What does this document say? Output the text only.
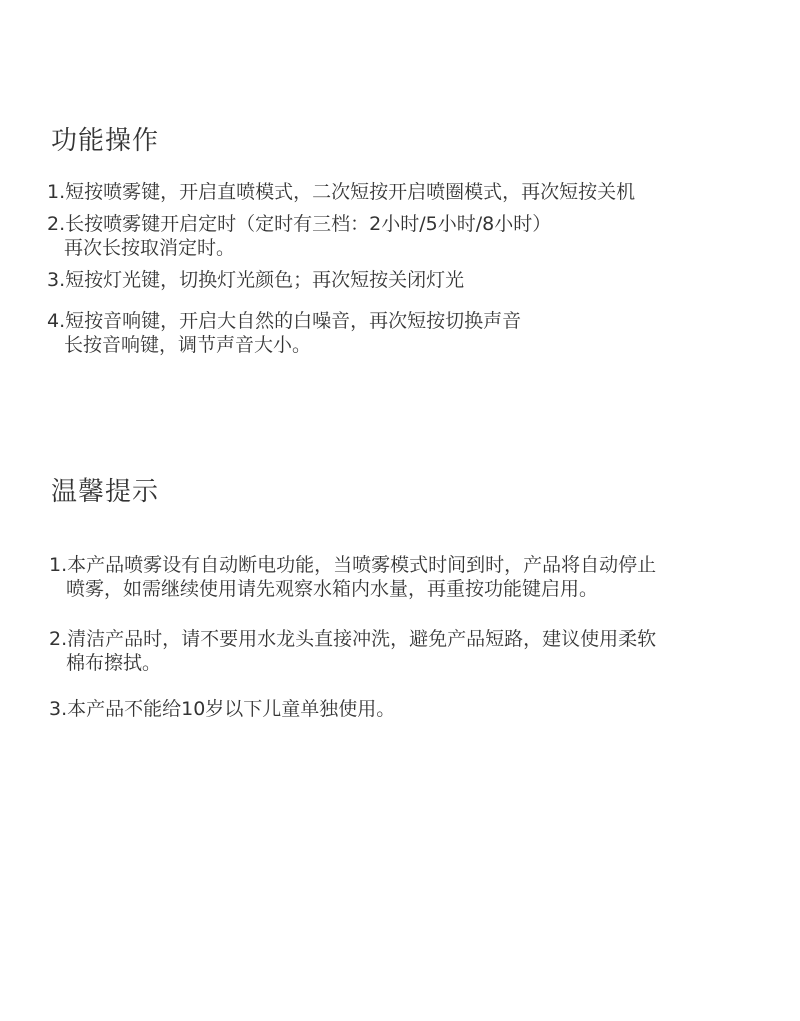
功能操作
1.短按喷雾键，开启直喷模式，二次短按开启喷圈模式，再次短按关机
2.长按喷雾键开启定时（定时有三档：2小时/5小时/8小时）
再次长按取消定时。
3.短按灯光键，切换灯光颜色；再次短按关闭灯光
4.短按音响键，开启大自然的白噪音，再次短按切换声音
长按音响键，调节声音大小。
温馨提示
1.本产品喷雾设有自动断电功能，当喷雾模式时间到时，产品将自动停止
喷雾，如需继续使用请先观察水箱内水量，再重按功能键启用。
2.清洁产品时，请不要用水龙头直接冲洗，避免产品短路，建议使用柔软
棉布擦拭。
3.本产品不能给10岁以下儿童单独使用。
